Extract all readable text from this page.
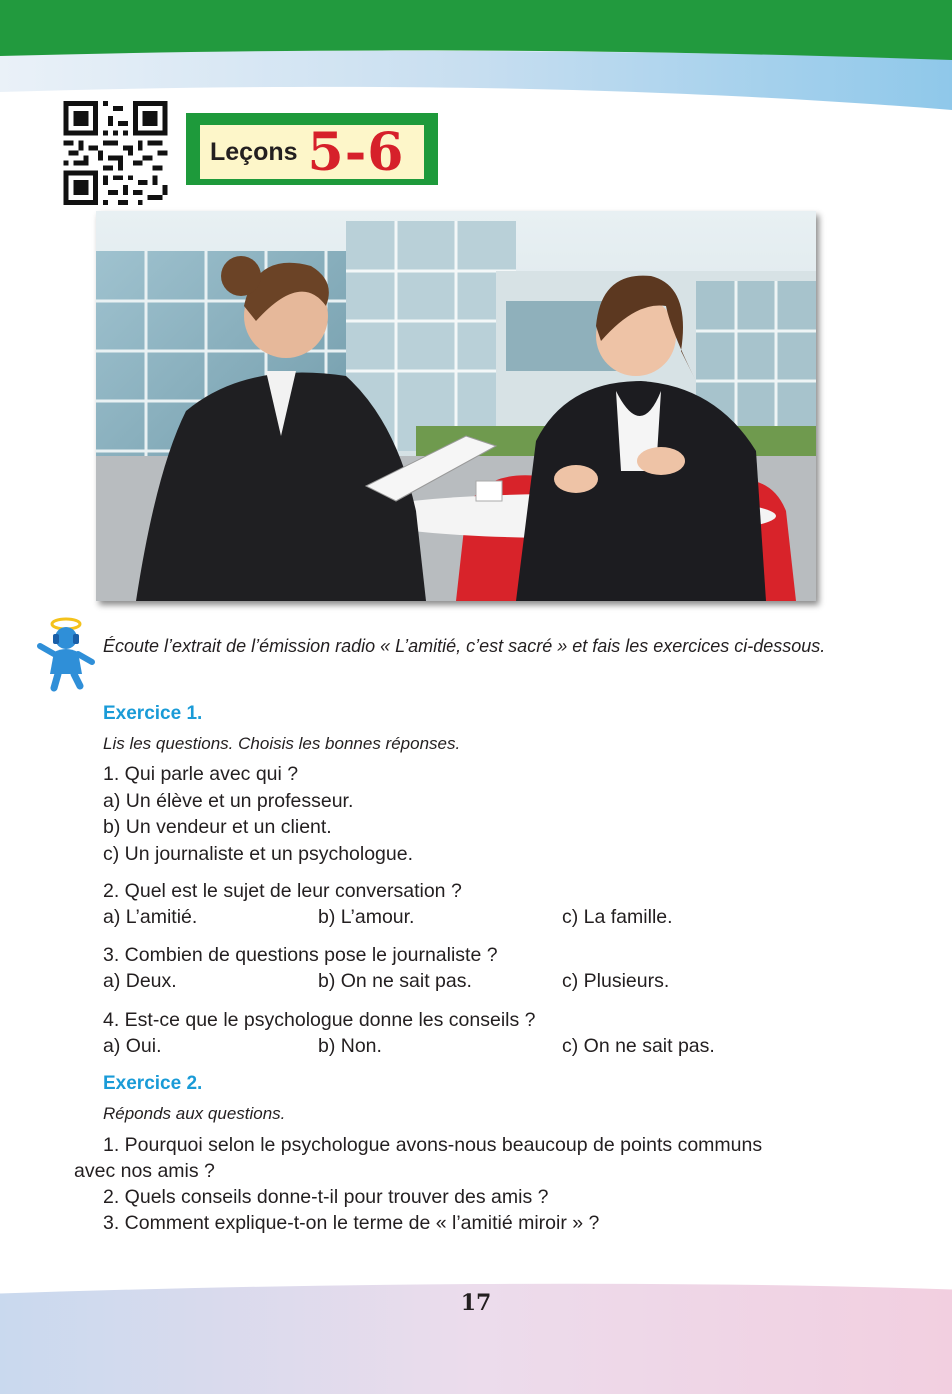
Leçons 5-6
Écoute l’extrait de l’émission radio « L’amitié, c’est sacré » et fais les exercices ci-dessous.
Exercice 1.
Lis les questions. Choisis les bonnes réponses.
1. Qui parle avec qui ?
a) Un élève et un professeur.
b) Un vendeur et un client.
c) Un journaliste et un psychologue.
2. Quel est le sujet de leur conversation ?
a) L’amitié.	b) L’amour.	c) La famille.
3. Combien de questions pose le journaliste ?
a) Deux.	b) On ne sait pas.	c) Plusieurs.
4. Est-ce que le psychologue donne les conseils ?
a) Oui.	b) Non.	c) On ne sait pas.
Exercice 2.
Réponds aux questions.
1. Pourquoi selon le psychologue avons-nous beaucoup de points communs
avec nos amis ?
2. Quels conseils donne-t-il pour trouver des amis ?
3. Comment explique-t-on le terme de « l’amitié miroir » ?
17
